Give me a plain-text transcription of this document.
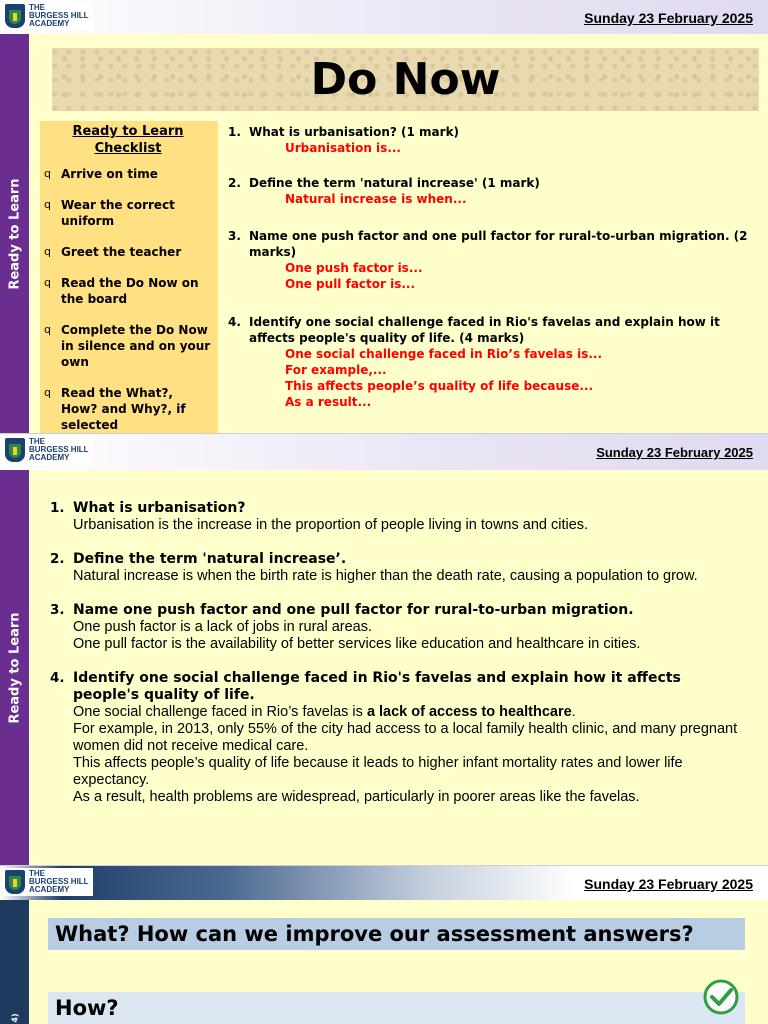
THE
BURGESS HILL
ACADEMY	Sunday 23 February 2025
Ready to Learn
Do Now
Ready to Learn Checklist
q Arrive on time
q Wear the correct uniform
q Greet the teacher
q Read the Do Now on the board
q Complete the Do Now in silence and on your own
q Read the What?, How? and Why?, if selected
1. What is urbanisation? (1 mark)
Urbanisation is...
2. Define the term 'natural increase' (1 mark)
Natural increase is when...
3. Name one push factor and one pull factor for rural-to-urban migration. (2 marks)
One push factor is...
One pull factor is...
4. Identify one social challenge faced in Rio's favelas and explain how it affects people's quality of life. (4 marks)
One social challenge faced in Rio’s favelas is...
For example,...
This affects people’s quality of life because...
As a result...
THE
BURGESS HILL
ACADEMY	Sunday 23 February 2025
Ready to Learn
1. What is urbanisation?
Urbanisation is the increase in the proportion of people living in towns and cities.
2. Define the term 'natural increase’.
Natural increase is when the birth rate is higher than the death rate, causing a population to grow.
3. Name one push factor and one pull factor for rural-to-urban migration.
One push factor is a lack of jobs in rural areas.
One pull factor is the availability of better services like education and healthcare in cities.
4. Identify one social challenge faced in Rio's favelas and explain how it affects people's quality of life.
One social challenge faced in Rio’s favelas is a lack of access to healthcare.
For example, in 2013, only 55% of the city had access to a local family health clinic, and many pregnant women did not receive medical care.
This affects people’s quality of life because it leads to higher infant mortality rates and lower life expectancy.
As a result, health problems are widespread, particularly in poorer areas like the favelas.
THE
BURGESS HILL
ACADEMY	Sunday 23 February 2025
4)
What? How can we improve our assessment answers?
How?
